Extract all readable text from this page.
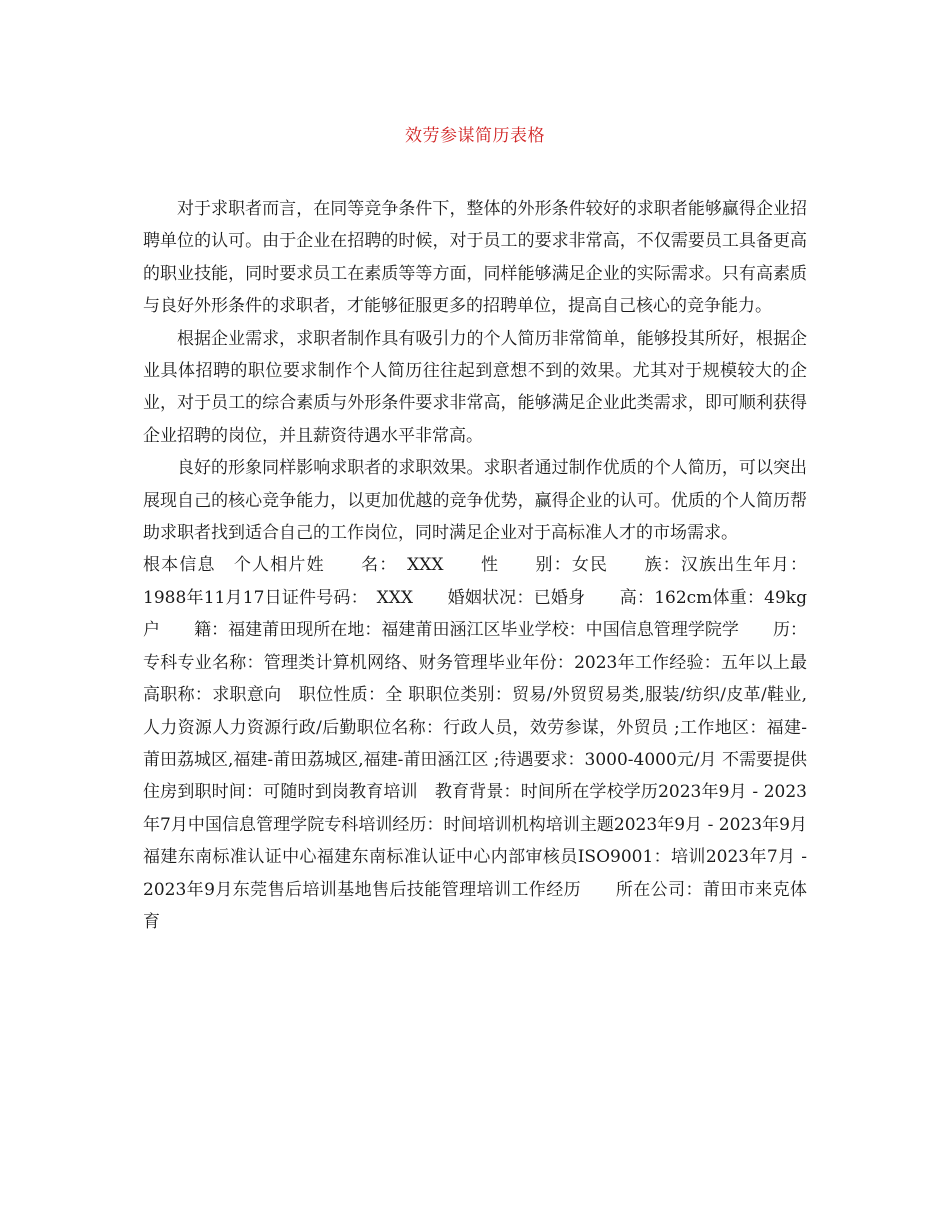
效劳参谋简历表格

对于求职者而言，在同等竞争条件下，整体的外形条件较好的求职者能够赢得企业招聘单位的认可。由于企业在招聘的时候，对于员工的要求非常高，不仅需要员工具备更高的职业技能，同时要求员工在素质等等方面，同样能够满足企业的实际需求。只有高素质与良好外形条件的求职者，才能够征服更多的招聘单位，提高自己核心的竞争能力。

根据企业需求，求职者制作具有吸引力的个人简历非常简单，能够投其所好，根据企业具体招聘的职位要求制作个人简历往往起到意想不到的效果。尤其对于规模较大的企业，对于员工的综合素质与外形条件要求非常高，能够满足企业此类需求，即可顺利获得企业招聘的岗位，并且薪资待遇水平非常高。

良好的形象同样影响求职者的求职效果。求职者通过制作优质的个人简历，可以突出展现自己的核心竞争能力，以更加优越的竞争优势，赢得企业的认可。优质的个人简历帮助求职者找到适合自己的工作岗位，同时满足企业对于高标准人才的市场需求。

根本信息　个人相片姓　　名：　XXX　　性　　别：女民　　族：汉族出生年月：1988年11月17日证件号码：　XXX　　婚姻状况：已婚身　　高：162cm体重：49kg户　　籍：福建莆田现所在地：福建莆田涵江区毕业学校：中国信息管理学院学　　历：专科专业名称：管理类计算机网络、财务管理毕业年份：2023年工作经验：五年以上最高职称：求职意向　职位性质：全 职职位类别：贸易/外贸贸易类,服装/纺织/皮革/鞋业,人力资源人力资源行政/后勤职位名称：行政人员，效劳参谋，外贸员 ;工作地区：福建-莆田荔城区,福建-莆田荔城区,福建-莆田涵江区 ;待遇要求：3000-4000元/月 不需要提供住房到职时间：可随时到岗教育培训　教育背景：时间所在学校学历2023年9月 - 2023年7月中国信息管理学院专科培训经历：时间培训机构培训主题2023年9月 - 2023年9月福建东南标准认证中心福建东南标准认证中心内部审核员ISO9001：培训2023年7月 - 2023年9月东莞售后培训基地售后技能管理培训工作经历　　所在公司：莆田市来克体育
